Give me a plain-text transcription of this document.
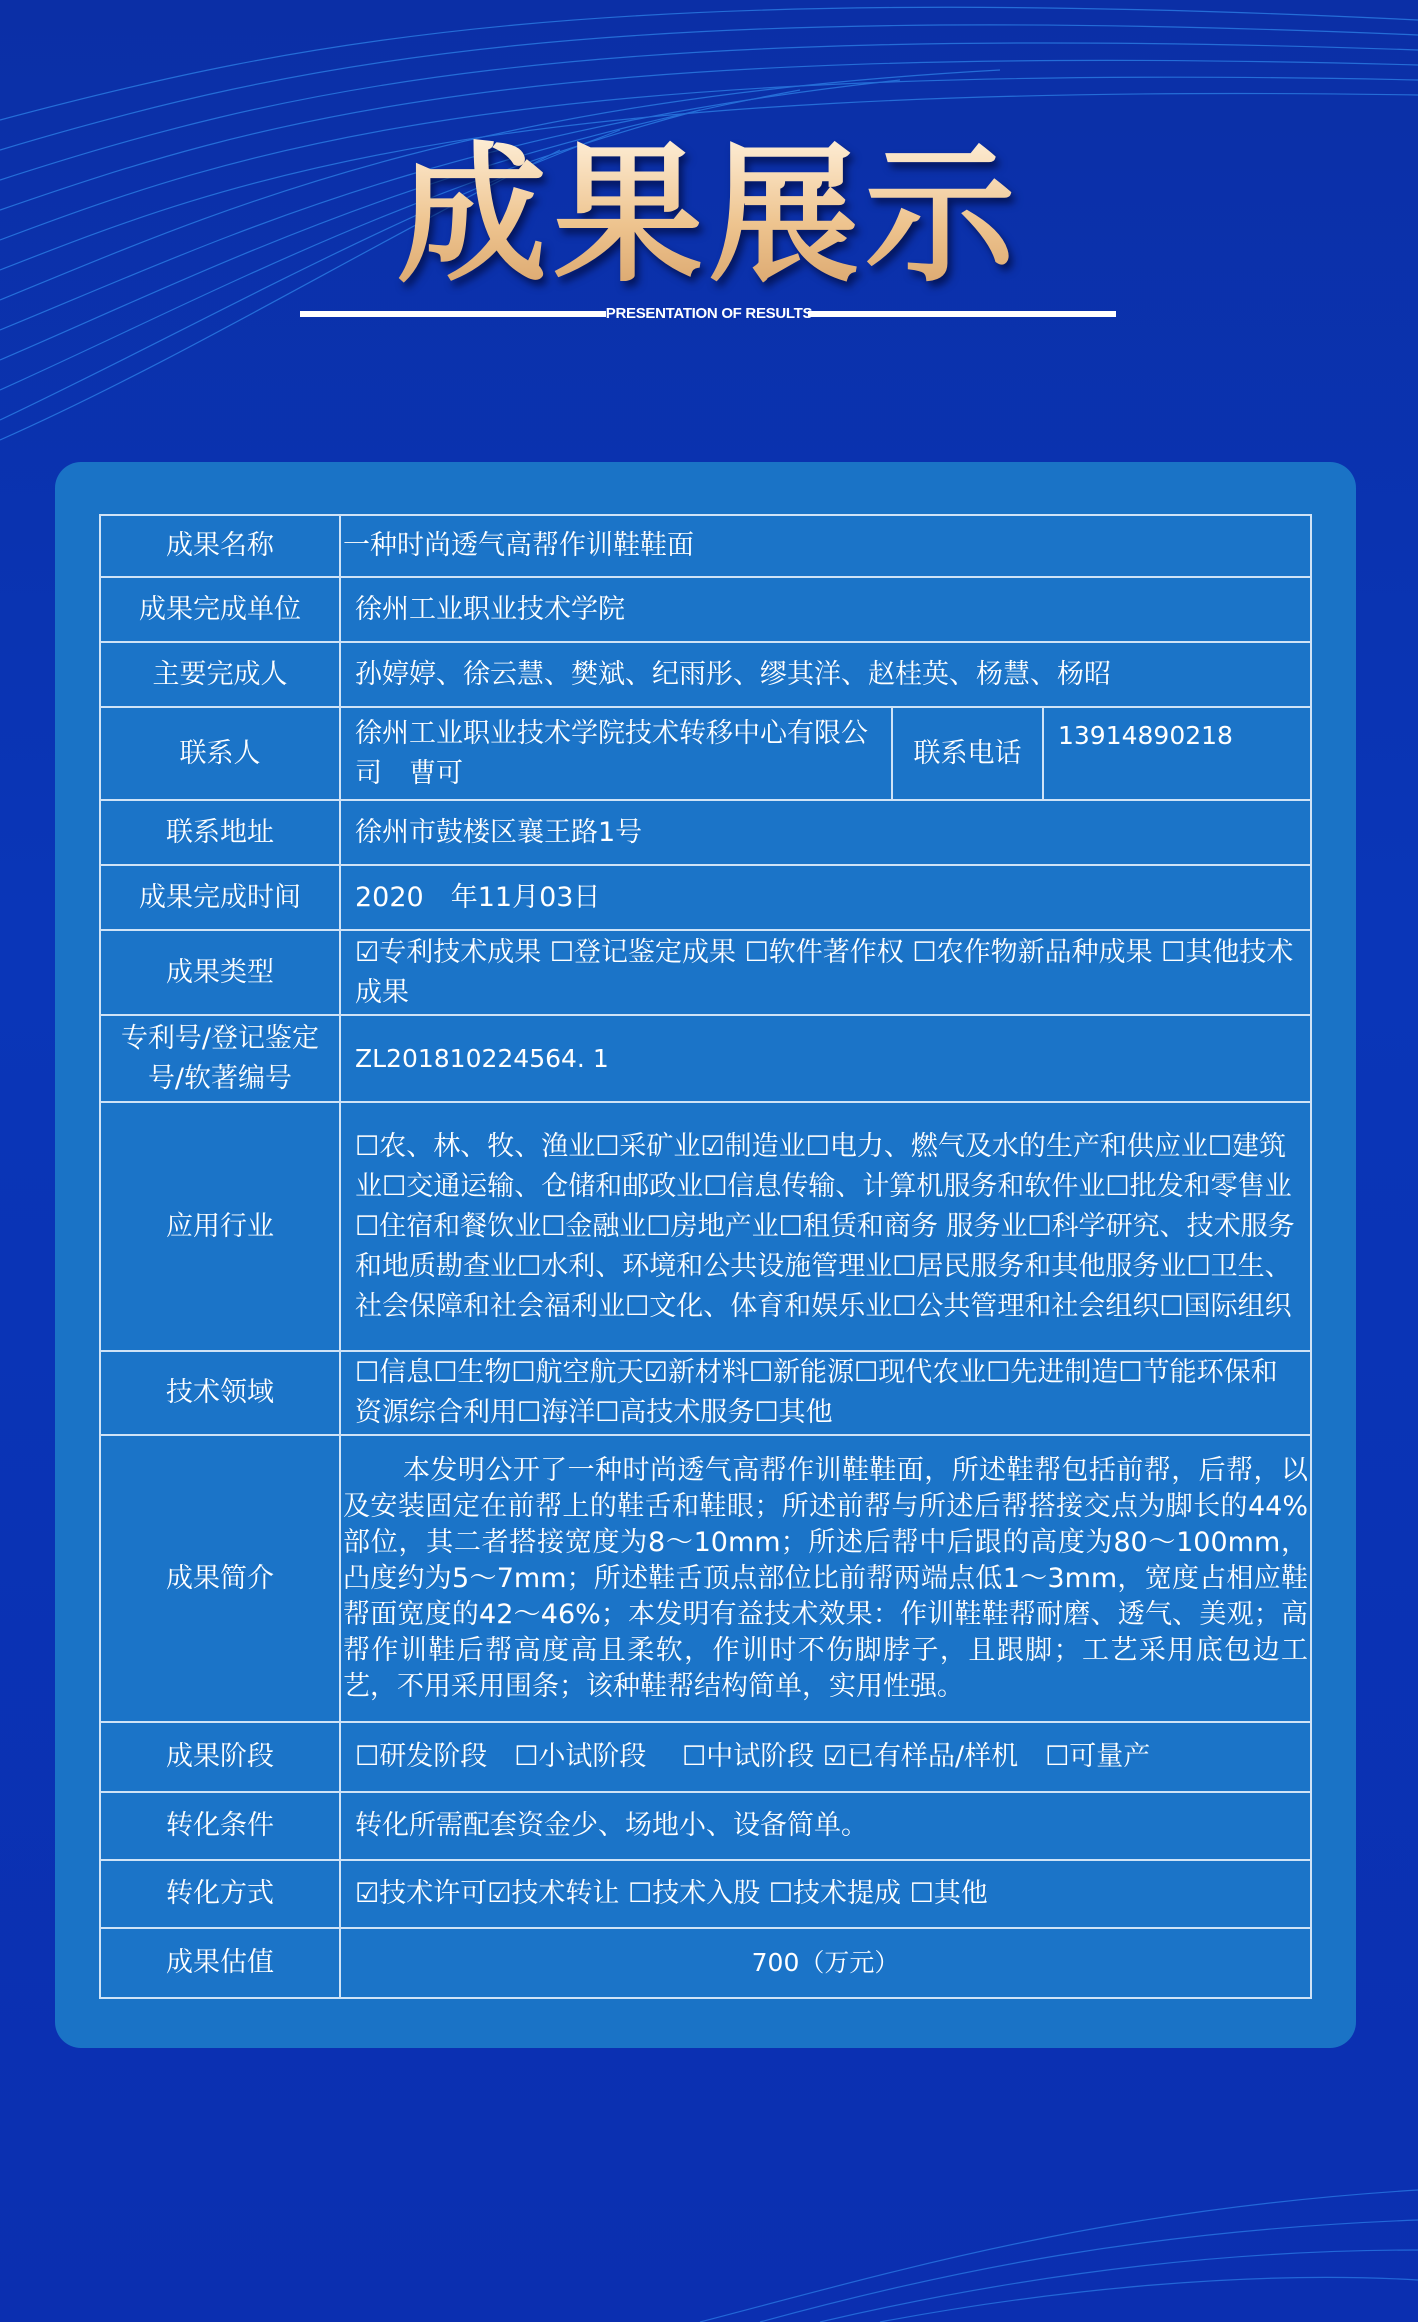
成果展示
PRESENTATION OF RESULTS
成果名称	一种时尚透气高帮作训鞋鞋面		
成果完成单位	徐州工业职业技术学院		
主要完成人	孙婷婷、徐云慧、樊斌、纪雨彤、缪其洋、赵桂英、杨慧、杨昭		
联系人	徐州工业职业技术学院技术转移中心有限公司　曹可	联系电话	13914890218
联系地址	徐州市鼓楼区襄王路1号		
成果完成时间	2020　年11月03日		
成果类型	☑专利技术成果 ☐登记鉴定成果 ☐软件著作权 ☐农作物新品种成果 ☐其他技术成果		
专利号/登记鉴定号/软著编号	ZL201810224564. 1		
应用行业	☐农、林、牧、渔业☐采矿业☑制造业☐电力、燃气及水的生产和供应业☐建筑业☐交通运输、仓储和邮政业☐信息传输、计算机服务和软件业☐批发和零售业☐住宿和餐饮业☐金融业☐房地产业☐租赁和商务 服务业☐科学研究、技术服务和地质勘查业☐水利、环境和公共设施管理业☐居民服务和其他服务业☐卫生、社会保障和社会福利业☐文化、体育和娱乐业☐公共管理和社会组织☐国际组织		
技术领域	☐信息☐生物☐航空航天☑新材料☐新能源☐现代农业☐先进制造☐节能环保和资源综合利用☐海洋☐高技术服务☐其他		
成果简介	本发明公开了一种时尚透气高帮作训鞋鞋面，所述鞋帮包括前帮，后帮，以及安装固定在前帮上的鞋舌和鞋眼；所述前帮与所述后帮搭接交点为脚长的44%部位，其二者搭接宽度为8～10mm；所述后帮中后跟的高度为80～100mm，凸度约为5～7mm；所述鞋舌顶点部位比前帮两端点低1～3mm，宽度占相应鞋帮面宽度的42～46%；本发明有益技术效果：作训鞋鞋帮耐磨、透气、美观；高帮作训鞋后帮高度高且柔软，作训时不伤脚脖子，且跟脚；工艺采用底包边工艺，不用采用围条；该种鞋帮结构简单，实用性强。		
成果阶段	☐研发阶段　☐小试阶段　 ☐中试阶段 ☑已有样品/样机　☐可量产		
转化条件	转化所需配套资金少、场地小、设备简单。		
转化方式	☑技术许可☑技术转让 ☐技术入股 ☐技术提成 ☐其他		
成果估值	700（万元）		
